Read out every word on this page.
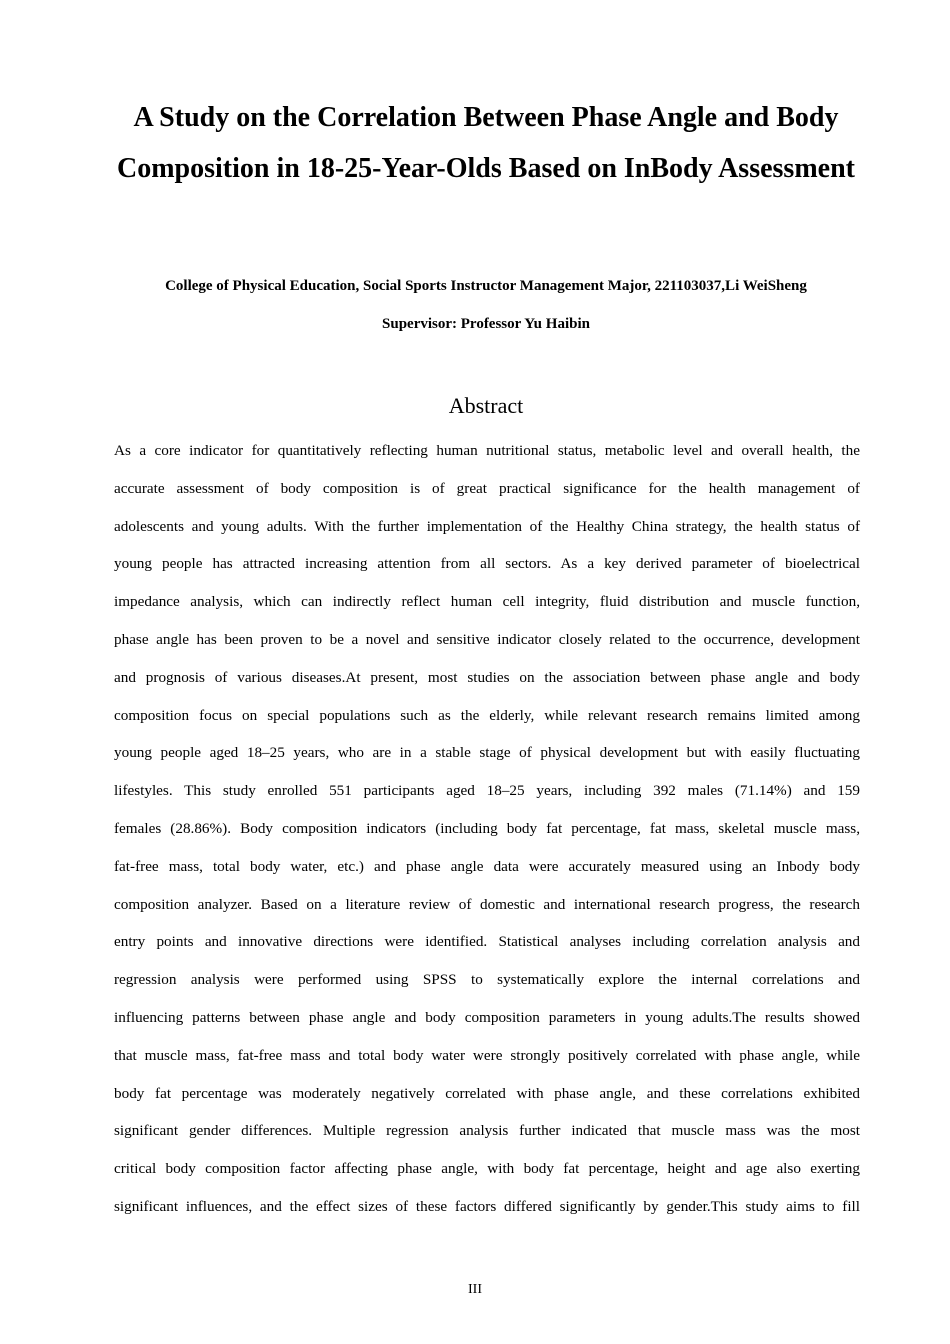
A Study on the Correlation Between Phase Angle and Body Composition in 18-25-Year-Olds Based on InBody Assessment

College of Physical Education, Social Sports Instructor Management Major, 221103037,Li WeiSheng

Supervisor: Professor Yu Haibin

Abstract
As a core indicator for quantitatively reflecting human nutritional status, metabolic level and overall health, the
accurate assessment of body composition is of great practical significance for the health management of
adolescents and young adults. With the further implementation of the Healthy China strategy, the health status of
young people has attracted increasing attention from all sectors. As a key derived parameter of bioelectrical
impedance analysis, which can indirectly reflect human cell integrity, fluid distribution and muscle function,
phase angle has been proven to be a novel and sensitive indicator closely related to the occurrence, development
and prognosis of various diseases.At present, most studies on the association between phase angle and body
composition focus on special populations such as the elderly, while relevant research remains limited among
young people aged 18–25 years, who are in a stable stage of physical development but with easily fluctuating
lifestyles. This study enrolled 551 participants aged 18–25 years, including 392 males (71.14%) and 159
females (28.86%). Body composition indicators (including body fat percentage, fat mass, skeletal muscle mass,
fat-free mass, total body water, etc.) and phase angle data were accurately measured using an Inbody body
composition analyzer. Based on a literature review of domestic and international research progress, the research
entry points and innovative directions were identified. Statistical analyses including correlation analysis and
regression analysis were performed using SPSS to systematically explore the internal correlations and
influencing patterns between phase angle and body composition parameters in young adults.The results showed
that muscle mass, fat-free mass and total body water were strongly positively correlated with phase angle, while
body fat percentage was moderately negatively correlated with phase angle, and these correlations exhibited
significant gender differences. Multiple regression analysis further indicated that muscle mass was the most
critical body composition factor affecting phase angle, with body fat percentage, height and age also exerting
significant influences, and the effect sizes of these factors differed significantly by gender.This study aims to fill

III
